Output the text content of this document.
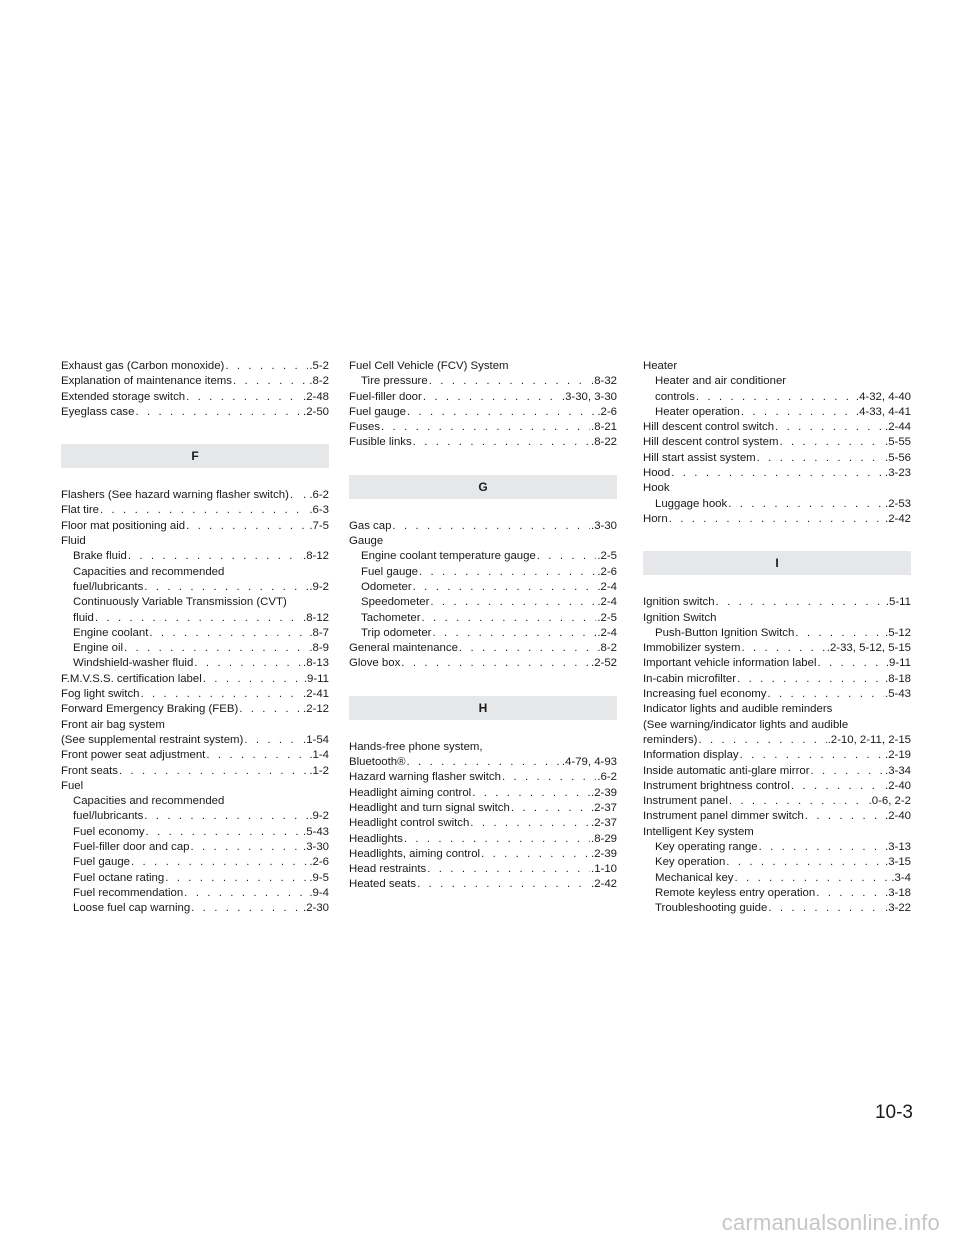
Exhaust gas (Carbon monoxide) . . .	.5-2
Explanation of maintenance items . . .	.8-2
Extended storage switch . . .	.2-48
Eyeglass case . . .	.2-50
F
Flashers (See hazard warning flasher switch) . . . . .6-2
Flat tire . . .	.6-3
Floor mat positioning aid . . .	.7-5
Fluid
Brake fluid . . .	.8-12
Capacities and recommended
fuel/lubricants . . .	.9-2
Continuously Variable Transmission (CVT)
fluid . . .	.8-12
Engine coolant . . .	.8-7
Engine oil . . .	.8-9
Windshield-washer fluid . . .	.8-13
F.M.V.S.S. certification label . . .	.9-11
Fog light switch . . .	.2-41
Forward Emergency Braking (FEB) . . .	.2-12
Front air bag system
(See supplemental restraint system) . . .	.1-54
Front power seat adjustment . . .	.1-4
Front seats . . .	.1-2
Fuel
Capacities and recommended
fuel/lubricants . . .	.9-2
Fuel economy . . .	.5-43
Fuel-filler door and cap . . .	.3-30
Fuel gauge . . .	.2-6
Fuel octane rating . . .	.9-5
Fuel recommendation . . .	.9-4
Loose fuel cap warning . . .	.2-30
Fuel Cell Vehicle (FCV) System
Tire pressure . . .	.8-32
Fuel-filler door . . .	.3-30, 3-30
Fuel gauge . . .	.2-6
Fuses . . .	.8-21
Fusible links . . .	.8-22
G
Gas cap . . .	.3-30
Gauge
Engine coolant temperature gauge . . .	.2-5
Fuel gauge . . .	.2-6
Odometer . . .	.2-4
Speedometer . . .	.2-4
Tachometer . . .	.2-5
Trip odometer . . .	.2-4
General maintenance . . .	.8-2
Glove box . . .	.2-52
H
Hands-free phone system,
Bluetooth® . . .	.4-79, 4-93
Hazard warning flasher switch . . .	.6-2
Headlight aiming control . . .	.2-39
Headlight and turn signal switch . . .	.2-37
Headlight control switch . . .	.2-37
Headlights . . .	.8-29
Headlights, aiming control . . .	.2-39
Head restraints . . .	.1-10
Heated seats . . .	.2-42
Heater
Heater and air conditioner
controls . . .	.4-32, 4-40
Heater operation . . .	.4-33, 4-41
Hill descent control switch . . .	.2-44
Hill descent control system . . .	.5-55
Hill start assist system . . .	.5-56
Hood . . .	.3-23
Hook
Luggage hook . . .	.2-53
Horn . . .	.2-42
I
Ignition switch . . .	.5-11
Ignition Switch
Push-Button Ignition Switch . . .	.5-12
Immobilizer system . . .	.2-33, 5-12, 5-15
Important vehicle information label . . .	.9-11
In-cabin microfilter . . .	.8-18
Increasing fuel economy . . .	.5-43
Indicator lights and audible reminders
(See warning/indicator lights and audible
reminders) . . .	.2-10, 2-11, 2-15
Information display . . .	.2-19
Inside automatic anti-glare mirror . . .	.3-34
Instrument brightness control . . .	.2-40
Instrument panel . . .	.0-6, 2-2
Instrument panel dimmer switch . . .	.2-40
Intelligent Key system
Key operating range . . .	.3-13
Key operation . . .	.3-15
Mechanical key . . .	.3-4
Remote keyless entry operation . . .	.3-18
Troubleshooting guide . . .	.3-22
10-3
carmanualsonline.info
